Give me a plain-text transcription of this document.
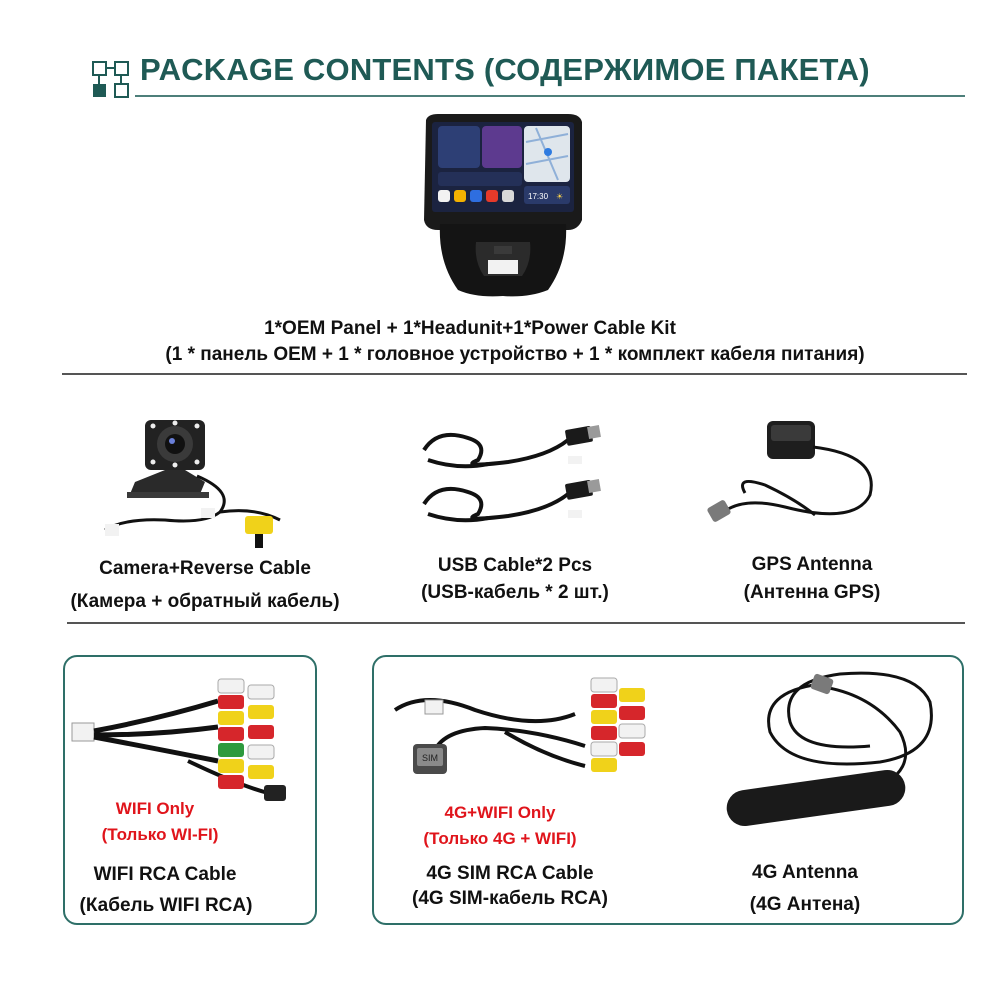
PACKAGE CONTENTS (СОДЕРЖИМОЕ ПАКЕТА)
17:30 ☀
1*OEM Panel + 1*Headunit+1*Power Cable Kit
(1 * панель OEM + 1 * головное устройство + 1 * комплект кабеля питания)
Camera+Reverse Cable
(Камера + обратный кабель)
USB Cable*2 Pcs
(USB-кабель * 2 шт.)
GPS Antenna
(Антенна GPS)
WIFI Only
(Только WI-FI)
WIFI RCA Cable
(Кабель WIFI RCA)
SIM
4G+WIFI Only
(Только 4G + WIFI)
4G SIM RCA Cable
(4G SIM-кабель RCA)
4G Antenna
(4G Антена)
